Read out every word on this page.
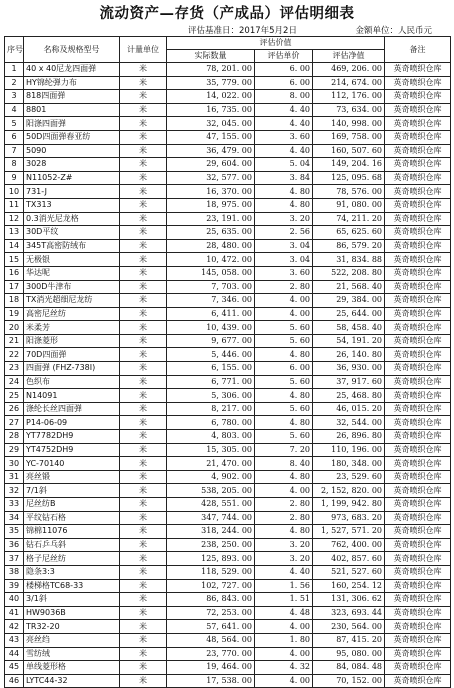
流动资产—存货（产成品）评估明细表
评估基准日：2017年5月2日	金额单位：人民币元
序号	名称及规格型号	计量单位	评估价值			备注
			实际数量	评估单价	评估净值	
1	40 x 40尼龙四面弹	米	78, 201. 00	6. 00	469, 206. 00	英奇喷织仓库
2	HY锦纶弹力布	米	35, 779. 00	6. 00	214, 674. 00	英奇喷织仓库
3	818四面弹	米	14, 022. 00	8. 00	112, 176. 00	英奇喷织仓库
4	8801	米	16, 735. 00	4. 40	73, 634. 00	英奇喷织仓库
5	阳涤四面弹	米	32, 045. 00	4. 40	140, 998. 00	英奇喷织仓库
6	50D四面弹春亚纺	米	47, 155. 00	3. 60	169, 758. 00	英奇喷织仓库
7	5090	米	36, 479. 00	4. 40	160, 507. 60	英奇喷织仓库
8	3028	米	29, 604. 00	5. 04	149, 204. 16	英奇喷织仓库
9	N11052-Z#	米	32, 577. 00	3. 84	125, 095. 68	英奇喷织仓库
10	731-J	米	16, 370. 00	4. 80	78, 576. 00	英奇喷织仓库
11	TX313	米	18, 975. 00	4. 80	91, 080. 00	英奇喷织仓库
12	0.3消光尼龙格	米	23, 191. 00	3. 20	74, 211. 20	英奇喷织仓库
13	30D平纹	米	25, 635. 00	2. 56	65, 625. 60	英奇喷织仓库
14	345T高密防绒布	米	28, 480. 00	3. 04	86, 579. 20	英奇喷织仓库
15	无极银	米	10, 472. 00	3. 04	31, 834. 88	英奇喷织仓库
16	华达呢	米	145, 058. 00	3. 60	522, 208. 80	英奇喷织仓库
17	300D牛津布	米	7, 703. 00	2. 80	21, 568. 40	英奇喷织仓库
18	TX消光超细尼龙纺	米	7, 346. 00	4. 00	29, 384. 00	英奇喷织仓库
19	高密尼丝纺	米	6, 411. 00	4. 00	25, 644. 00	英奇喷织仓库
20	米柔芳	米	10, 439. 00	5. 60	58, 458. 40	英奇喷织仓库
21	阳涤菱形	米	9, 677. 00	5. 60	54, 191. 20	英奇喷织仓库
22	70D四面弹	米	5, 446. 00	4. 80	26, 140. 80	英奇喷织仓库
23	四面弹 (FHZ-738I)	米	6, 155. 00	6. 00	36, 930. 00	英奇喷织仓库
24	色织布	米	6, 771. 00	5. 60	37, 917. 60	英奇喷织仓库
25	N14091	米	5, 306. 00	4. 80	25, 468. 80	英奇喷织仓库
26	涤纶长丝四面弹	米	8, 217. 00	5. 60	46, 015. 20	英奇喷织仓库
27	P14-06-09	米	6, 780. 00	4. 80	32, 544. 00	英奇喷织仓库
28	YT7782DH9	米	4, 803. 00	5. 60	26, 896. 80	英奇喷织仓库
29	YT4752DH9	米	15, 305. 00	7. 20	110, 196. 00	英奇喷织仓库
30	YC-70140	米	21, 470. 00	8. 40	180, 348. 00	英奇喷织仓库
31	亮丝锻	米	4, 902. 00	4. 80	23, 529. 60	英奇喷织仓库
32	7/1斜	米	538, 205. 00	4. 00	2, 152, 820. 00	英奇喷织仓库
33	尼丝纺B	米	428, 551. 00	2. 80	1, 199, 942. 80	英奇喷织仓库
34	平纹钻石格	米	347, 744. 00	2. 80	973, 683. 20	英奇喷织仓库
35	锦棉11076	米	318, 244. 00	4. 80	1, 527, 571. 20	英奇喷织仓库
36	钻石乒乓斜	米	238, 250. 00	3. 20	762, 400. 00	英奇喷织仓库
37	格子尼丝纺	米	125, 893. 00	3. 20	402, 857. 60	英奇喷织仓库
38	隐条3:3	米	118, 529. 00	4. 40	521, 527. 60	英奇喷织仓库
39	楼梯格TC68-33	米	102, 727. 00	1. 56	160, 254. 12	英奇喷织仓库
40	3/1斜	米	86, 843. 00	1. 51	131, 306. 62	英奇喷织仓库
41	HW9036B	米	72, 253. 00	4. 48	323, 693. 44	英奇喷织仓库
42	TR32-20	米	57, 641. 00	4. 00	230, 564. 00	英奇喷织仓库
43	亮丝绉	米	48, 564. 00	1. 80	87, 415. 20	英奇喷织仓库
44	雪纺绒	米	23, 770. 00	4. 00	95, 080. 00	英奇喷织仓库
45	单线菱形格	米	19, 464. 00	4. 32	84, 084. 48	英奇喷织仓库
46	LYTC44-32	米	17, 538. 00	4. 00	70, 152. 00	英奇喷织仓库
